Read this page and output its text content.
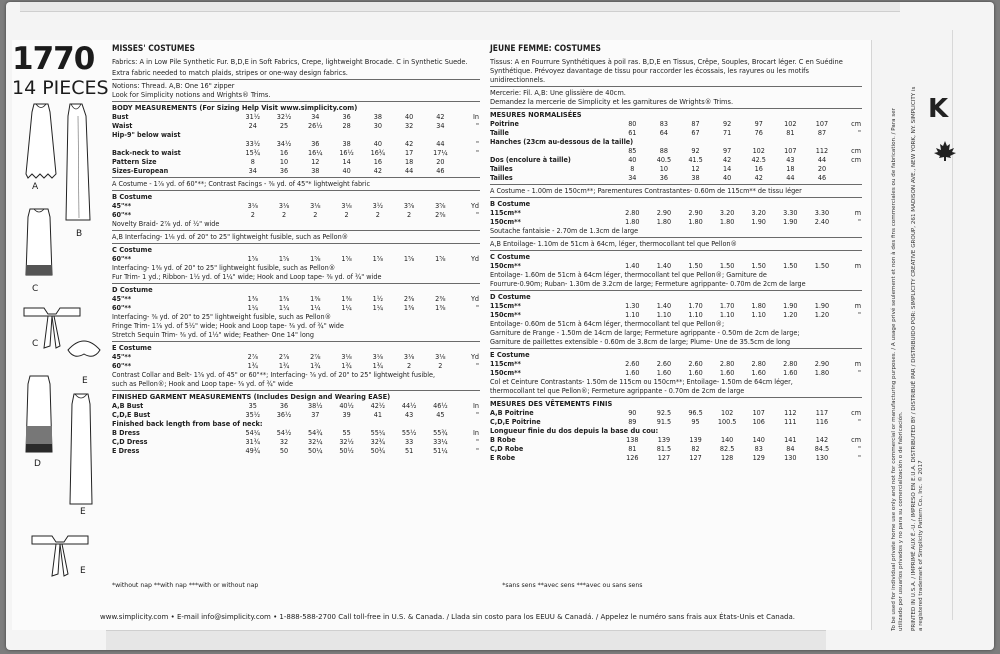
1770
14 PIECES
A
B
C
C
E
D
E
E
MISSES' COSTUMES
Fabrics: A in Low Pile Synthetic Fur. B,D,E in Soft Fabrics, Crepe, lightweight Brocade. C in Synthetic Suede.
Extra fabric needed to match plaids, stripes or one-way design fabrics.
Notions: Thread. A,B: One 16" zipper
Look for Simplicity notions and Wrights® Trims.
BODY MEASUREMENTS (For Sizing Help Visit www.simplicity.com)
Bust	31½	32½	34	36	38	40	42	In
Waist	24	25	26½	28	30	32	34	"
Hip-9" below waist								
	33½	34½	36	38	40	42	44	"
Back-neck to waist	15¾	16	16¼	16½	16¾	17	17¼	"
Pattern Size	8	10	12	14	16	18	20	
Sizes-European	34	36	38	40	42	44	46	
A Costume - 1⅞ yd. of 60"**; Contrast Facings - ⅜ yd. of 45"* lightweight fabric
B Costume
45"**	3⅛	3⅛	3⅛	3⅛	3½	3⅝	3⅝	Yd
60"**	2	2	2	2	2	2	2⅜	"
Novelty Braid- 2⅞ yd. of ½" wide
A,B Interfacing- 1⅛ yd. of 20" to 25" lightweight fusible, such as Pellon®
C Costume
60"**	1⅝	1⅝	1⅝	1⅝	1⅝	1⅝	1⅝	Yd
Interfacing- 1⅜ yd. of 20" to 25" lightweight fusible, such as Pellon®
Fur Trim- 1 yd.; Ribbon- 1½ yd. of 1¼" wide; Hook and Loop tape- ⅜ yd. of ¾" wide
D Costume
45"**	1⅜	1⅜	1⅜	1⅜	1½	2⅜	2⅜	Yd
60"**	1¼	1¼	1¼	1¼	1¼	1⅜	1⅜	"
Interfacing- ⅜ yd. of 20" to 25" lightweight fusible, such as Pellon®
Fringe Trim- 1⅞ yd. of 5½" wide; Hook and Loop tape- ⅜ yd. of ¾" wide
Stretch Sequin Trim- ⅜ yd. of 1½" wide; Feather- One 14" long
E Costume
45"**	2⅞	2⅞	2⅞	3⅛	3⅛	3⅛	3⅛	Yd
60"**	1¾	1¾	1¾	1¾	1¾	2	2	"
Contrast Collar and Belt- 1⅝ yd. of 45" or 60"**; Interfacing- ⅝ yd. of 20" to 25" lightweight fusible,
such as Pellon®; Hook and Loop tape- ⅜ yd. of ¾" wide
FINISHED GARMENT MEASUREMENTS (Includes Design and Wearing EASE)
A,B Bust	35	36	38½	40½	42½	44½	46½	In
C,D,E Bust	35½	36½	37	39	41	43	45	"
Finished back length from base of neck:
B Dress	54¼	54½	54¾	55	55¼	55½	55¾	In
C,D Dress	31¾	32	32¼	32½	32¾	33	33¼	"
E Dress	49¾	50	50¼	50½	50¾	51	51¼	"
JEUNE FEMME: COSTUMES
Tissus: A en Fourrure Synthétiques à poil ras. B,D,E en Tissus, Crêpe, Souples, Brocart léger. C en Suédine Synthétique. Prévoyez davantage de tissu pour raccorder les écossais, les rayures ou les motifs unidirectionnels.
Mercerie: Fil. A,B: Une glissière de 40cm.
Demandez la mercerie de Simplicity et les garnitures de Wrights® Trims.
MESURES NORMALISÉES
Poitrine	80	83	87	92	97	102	107	cm
Taille	61	64	67	71	76	81	87	"
Hanches (23cm au-dessous de la taille)								
	85	88	92	97	102	107	112	cm
Dos (encolure à taille)	40	40.5	41.5	42	42.5	43	44	cm
Tailles	8	10	12	14	16	18	20	
Tailles	34	36	38	40	42	44	46	
A Costume - 1.00m de 150cm**; Parementures Contrastantes- 0.60m de 115cm** de tissu léger
B Costume
115cm**	2.80	2.90	2.90	3.20	3.20	3.30	3.30	m
150cm**	1.80	1.80	1.80	1.80	1.90	1.90	2.40	"
Soutache fantaisie - 2.70m de 1.3cm de large
A,B Entoilage- 1.10m de 51cm à 64cm, léger, thermocollant tel que Pellon®
C Costume
150cm**	1.40	1.40	1.50	1.50	1.50	1.50	1.50	m
Entoilage- 1.60m de 51cm à 64cm léger, thermocollant tel que Pellon®; Garniture de
Fourrure-0.90m; Ruban- 1.30m de 3.2cm de large; Fermeture agrippante- 0.70m de 2cm de large
D Costume
115cm**	1.30	1.40	1.70	1.70	1.80	1.90	1.90	m
150cm**	1.10	1.10	1.10	1.10	1.10	1.20	1.20	"
Entoilage- 0.60m de 51cm à 64cm léger, thermocollant tel que Pellon®;
Garniture de Frange - 1.50m de 14cm de large; Fermeture agrippante - 0.50m de 2cm de large;
Garniture de paillettes extensible - 0.60m de 3.8cm de large; Plume- Une de 35.5cm de long
E Costume
115cm**	2.60	2.60	2.60	2.80	2.80	2.80	2.90	m
150cm**	1.60	1.60	1.60	1.60	1.60	1.60	1.80	"
Col et Ceinture Contrastants- 1.50m de 115cm ou 150cm**; Entoilage- 1.50m de 64cm léger,
thermocollant tel que Pellon®; Fermeture agrippante - 0.70m de 2cm de large
MESURES DES VÊTEMENTS FINIS
A,B Poitrine	90	92.5	96.5	102	107	112	117	cm
C,D,E Poitrine	89	91.5	95	100.5	106	111	116	"
Longueur finie du dos depuis la base du cou:
B Robe	138	139	139	140	140	141	142	cm
C,D Robe	81	81.5	82	82.5	83	84	84.5	"
E Robe	126	127	127	128	129	130	130	"
*without nap **with nap ***with or without nap	*sans sens **avec sens ***avec ou sans sens
www.simplicity.com • E-mail info@simplicity.com • 1-888-588-2700 Call toll-free in U.S. & Canada. / Llada sin costo para los EEUU & Canadá. / Appelez le numéro sans frais aux États-Unis et Canada.	To be used for individual private home use only and not for commercial or manufacturing purposes. / A usage privé seulement et non à des fins commerciales ou de fabrication. / Para ser utilizado por usuarios privados y no para su comercialización o de fabricación. PRINTED IN U.S.A. / IMPRIMÉ AUX É.-U. / IMPRESO EN E.U.A. DISTRIBUTED BY / DISTRIBUÉ PAR / DISTRIBUIDO POR: SIMPLICITY CREATIVE GROUP, 261 MADISON AVE., NEW YORK, NY. SIMPLICITY is a registered trademark of Simplicity Pattern Co., Inc. © 2017
K
